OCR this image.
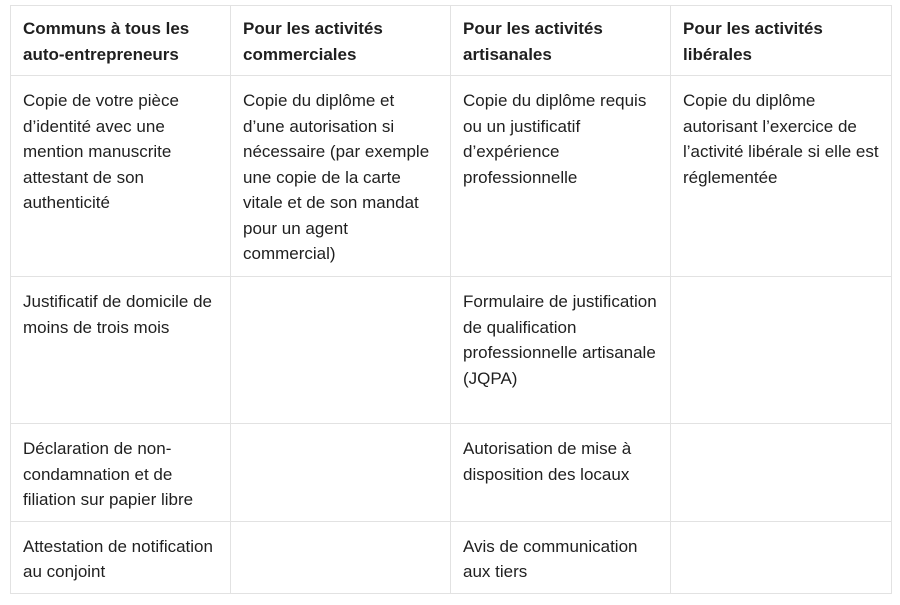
Communs à tous les auto-entrepreneurs	Pour les activités commerciales	Pour les activités artisanales	Pour les activités libérales
Copie de votre pièce d’identité avec une mention manuscrite attestant de son authenticité	Copie du diplôme et d’une autorisation si nécessaire (par exemple une copie de la carte vitale et de son mandat pour un agent commercial)	Copie du diplôme requis ou un justificatif d’expérience professionnelle	Copie du diplôme autorisant l’exercice de l’activité libérale si elle est réglementée
Justificatif de domicile de moins de trois mois		Formulaire de justification de qualification professionnelle artisanale (JQPA)	
Déclaration de non-condamnation et de filiation sur papier libre		Autorisation de mise à disposition des locaux	
Attestation de notification au conjoint		Avis de communication aux tiers	
